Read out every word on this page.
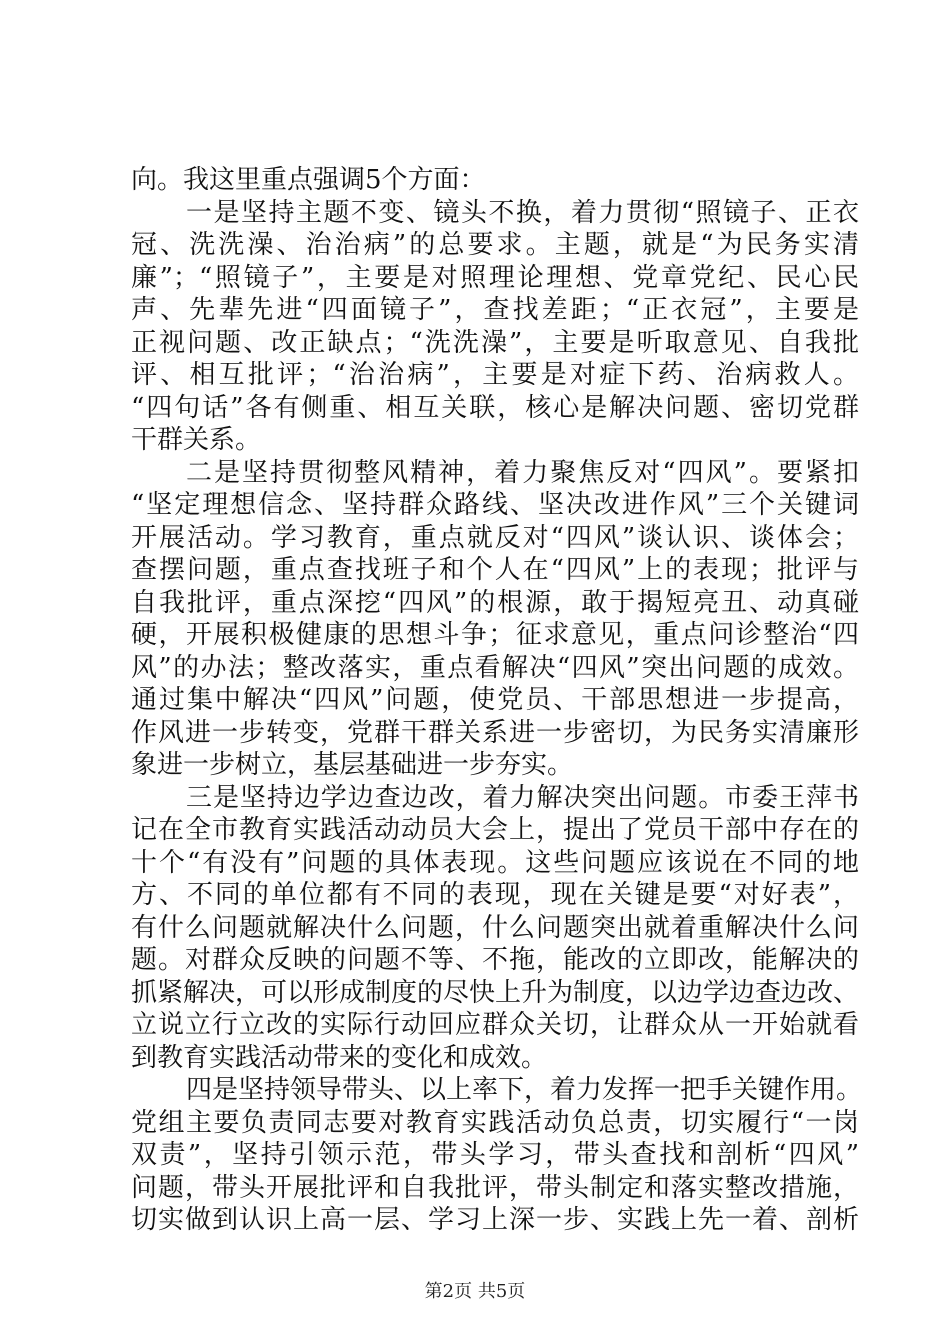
向。我这里重点强调5个方面：
一是坚持主题不变、镜头不换，着力贯彻“照镜子、正衣
冠、洗洗澡、治治病”的总要求。主题，就是“为民务实清
廉”；“照镜子”，主要是对照理论理想、党章党纪、民心民
声、先辈先进“四面镜子”，查找差距；“正衣冠”，主要是
正视问题、改正缺点；“洗洗澡”，主要是听取意见、自我批
评、相互批评；“治治病”，主要是对症下药、治病救人。
“四句话”各有侧重、相互关联，核心是解决问题、密切党群
干群关系。
二是坚持贯彻整风精神，着力聚焦反对“四风”。要紧扣
“坚定理想信念、坚持群众路线、坚决改进作风”三个关键词
开展活动。学习教育，重点就反对“四风”谈认识、谈体会；
查摆问题，重点查找班子和个人在“四风”上的表现；批评与
自我批评，重点深挖“四风”的根源，敢于揭短亮丑、动真碰
硬，开展积极健康的思想斗争；征求意见，重点问诊整治“四
风”的办法；整改落实，重点看解决“四风”突出问题的成效。
通过集中解决“四风”问题，使党员、干部思想进一步提高，
作风进一步转变，党群干群关系进一步密切，为民务实清廉形
象进一步树立，基层基础进一步夯实。
三是坚持边学边查边改，着力解决突出问题。市委王萍书
记在全市教育实践活动动员大会上，提出了党员干部中存在的
十个“有没有”问题的具体表现。这些问题应该说在不同的地
方、不同的单位都有不同的表现，现在关键是要“对好表”，
有什么问题就解决什么问题，什么问题突出就着重解决什么问
题。对群众反映的问题不等、不拖，能改的立即改，能解决的
抓紧解决，可以形成制度的尽快上升为制度，以边学边查边改、
立说立行立改的实际行动回应群众关切，让群众从一开始就看
到教育实践活动带来的变化和成效。
四是坚持领导带头、以上率下，着力发挥一把手关键作用。
党组主要负责同志要对教育实践活动负总责，切实履行“一岗
双责”，坚持引领示范，带头学习，带头查找和剖析“四风”
问题，带头开展批评和自我批评，带头制定和落实整改措施，
切实做到认识上高一层、学习上深一步、实践上先一着、剖析
第2页 共5页
